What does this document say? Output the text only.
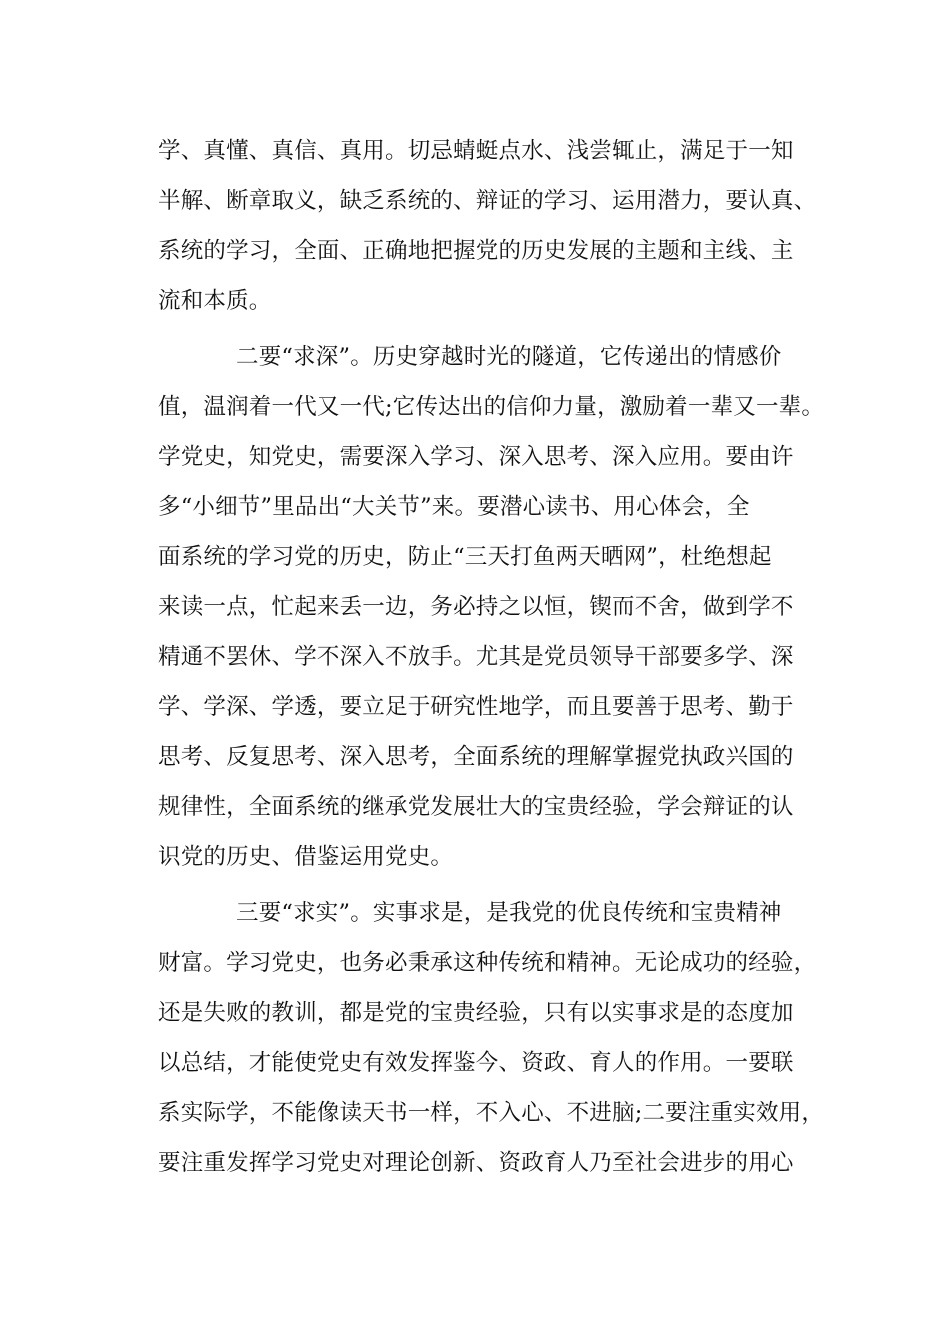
学、真懂、真信、真用。切忌蜻蜓点水、浅尝辄止，满足于一知
半解、断章取义，缺乏系统的、辩证的学习、运用潜力，要认真、
系统的学习，全面、正确地把握党的历史发展的主题和主线、主
流和本质。
二要“求深”。历史穿越时光的隧道，它传递出的情感价
值，温润着一代又一代;它传达出的信仰力量，激励着一辈又一辈。
学党史，知党史，需要深入学习、深入思考、深入应用。要由许
多“小细节”里品出“大关节”来。要潜心读书、用心体会，全
面系统的学习党的历史，防止“三天打鱼两天晒网”，杜绝想起
来读一点，忙起来丢一边，务必持之以恒，锲而不舍，做到学不
精通不罢休、学不深入不放手。尤其是党员领导干部要多学、深
学、学深、学透，要立足于研究性地学，而且要善于思考、勤于
思考、反复思考、深入思考，全面系统的理解掌握党执政兴国的
规律性，全面系统的继承党发展壮大的宝贵经验，学会辩证的认
识党的历史、借鉴运用党史。
三要“求实”。实事求是，是我党的优良传统和宝贵精神
财富。学习党史，也务必秉承这种传统和精神。无论成功的经验，
还是失败的教训，都是党的宝贵经验，只有以实事求是的态度加
以总结，才能使党史有效发挥鉴今、资政、育人的作用。一要联
系实际学，不能像读天书一样，不入心、不进脑;二要注重实效用，
要注重发挥学习党史对理论创新、资政育人乃至社会进步的用心
